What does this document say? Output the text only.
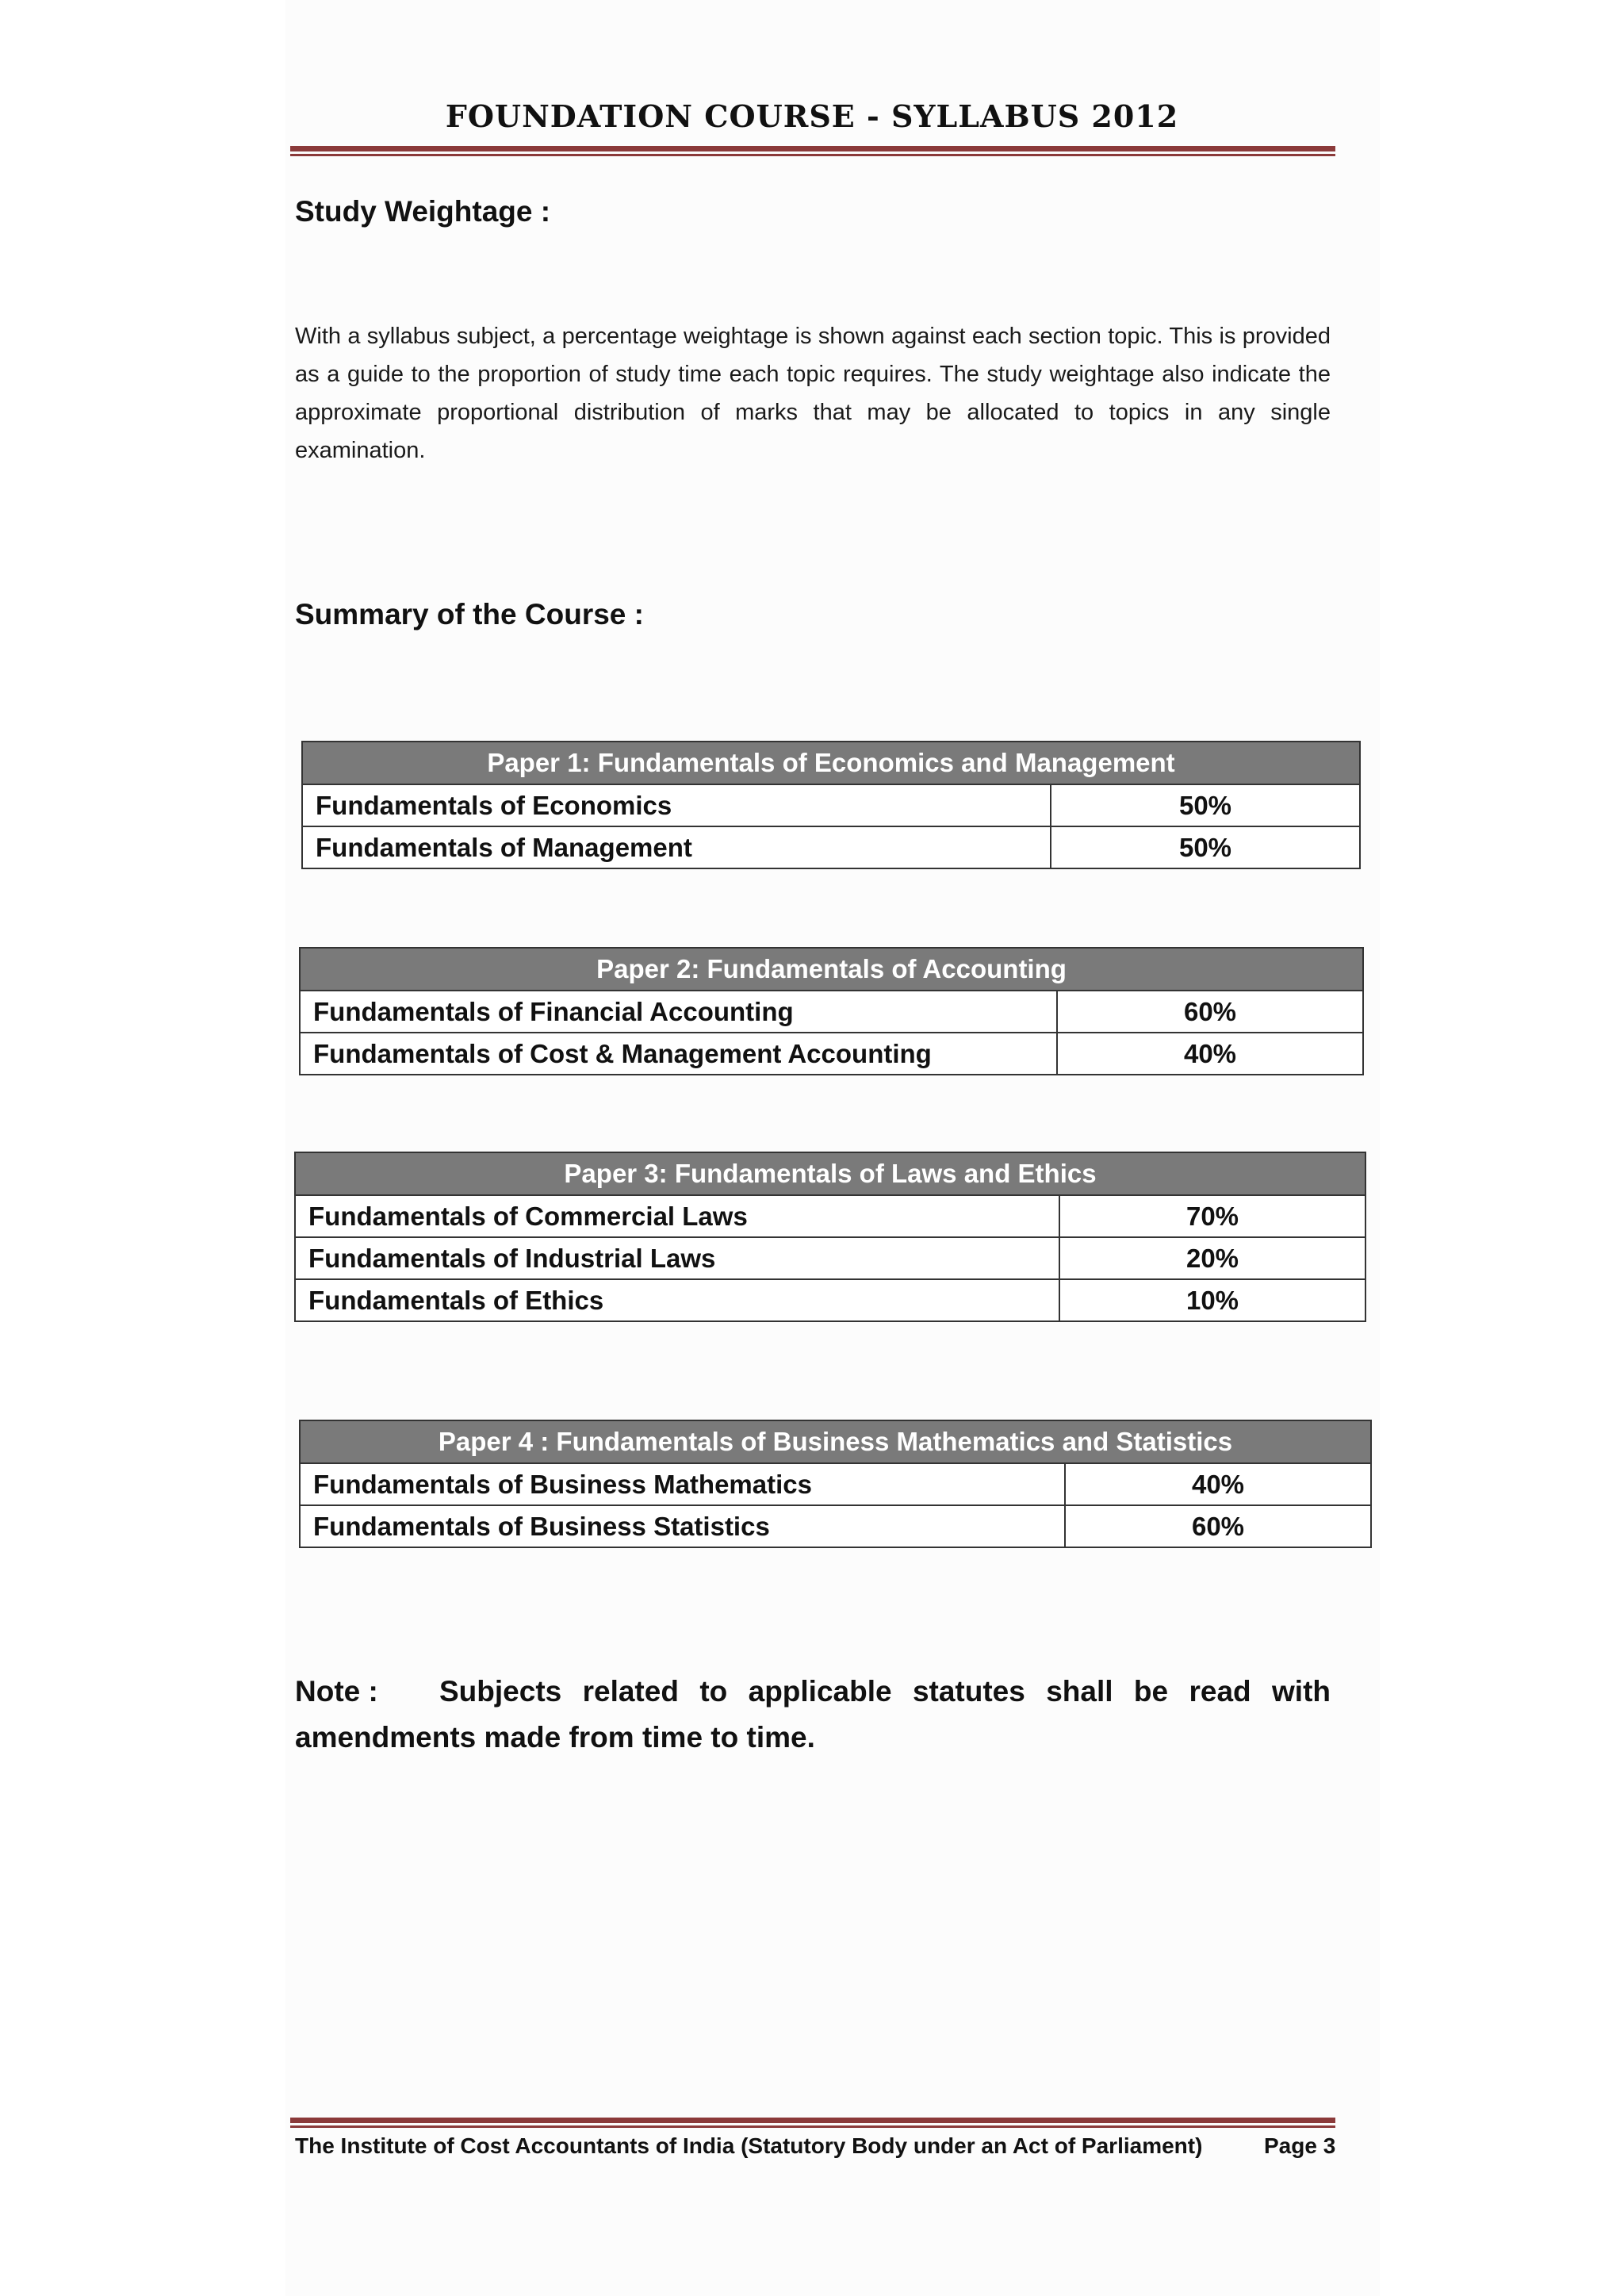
FOUNDATION COURSE - SYLLABUS 2012
Study Weightage :

With a syllabus subject, a percentage weightage is shown against each section topic. This is provided as a guide to the proportion of study time each topic requires. The study weightage also indicate the approximate proportional distribution of marks that may be allocated to topics in any single examination.

Summary of the Course :
Paper 1: Fundamentals of Economics and Management	
Fundamentals of Economics	50%
Fundamentals of Management	50%
Paper 2: Fundamentals of Accounting	
Fundamentals of Financial Accounting	60%
Fundamentals of Cost & Management Accounting	40%
Paper 3: Fundamentals of Laws and Ethics	
Fundamentals of Commercial Laws	70%
Fundamentals of Industrial Laws	20%
Fundamentals of Ethics	10%
Paper 4 : Fundamentals of Business Mathematics and Statistics	
Fundamentals of Business Mathematics	40%
Fundamentals of Business Statistics	60%

Note : Subjects related to applicable statutes shall be read with amendments made from time to time.

The Institute of Cost Accountants of India (Statutory Body under an Act of Parliament)	Page 3
